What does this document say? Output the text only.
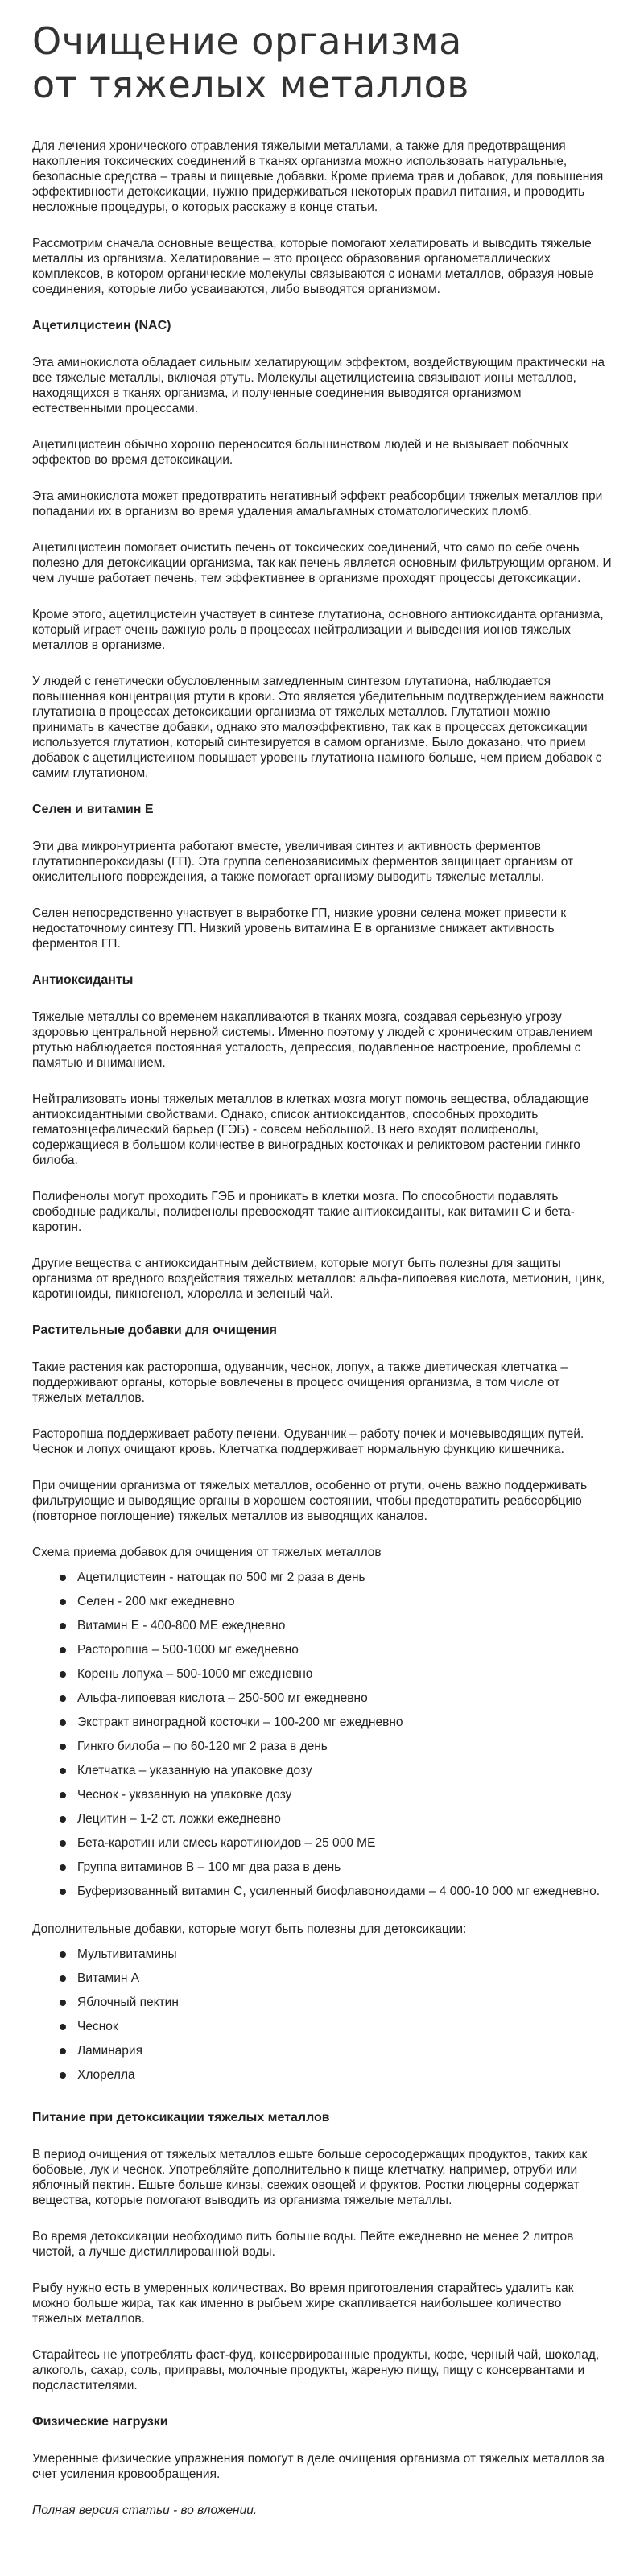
Очищение организма
от тяжелых металлов

Для лечения хронического отравления тяжелыми металлами, а также для предотвращения накопления токсических соединений в тканях организма можно использовать натуральные, безопасные средства – травы и пищевые добавки. Кроме приема трав и добавок, для повышения эффективности детоксикации, нужно придерживаться некоторых правил питания, и проводить несложные процедуры, о которых расскажу в конце статьи.

Рассмотрим сначала основные вещества, которые помогают хелатировать и выводить тяжелые металлы из организма. Хелатирование – это процесс образования органометаллических комплексов, в котором органические молекулы связываются с ионами металлов, образуя новые соединения, которые либо усваиваются, либо выводятся организмом.

Ацетилцистеин (NAC)

Эта аминокислота обладает сильным хелатирующим эффектом, воздействующим практически на все тяжелые металлы, включая ртуть. Молекулы ацетилцистеина связывают ионы металлов, находящихся в тканях организма, и полученные соединения выводятся организмом естественными процессами.

Ацетилцистеин обычно хорошо переносится большинством людей и не вызывает побочных эффектов во время детоксикации.

Эта аминокислота может предотвратить негативный эффект реабсорбции тяжелых металлов при попадании их в организм во время удаления амальгамных стоматологических пломб.

Ацетилцистеин помогает очистить печень от токсических соединений, что само по себе очень полезно для детоксикации организма, так как печень является основным фильтрующим органом. И чем лучше работает печень, тем эффективнее в организме проходят процессы детоксикации.

Кроме этого, ацетилцистеин участвует в синтезе глутатиона, основного антиоксиданта организма, который играет очень важную роль в процессах нейтрализации и выведения ионов тяжелых металлов в организме.

У людей с генетически обусловленным замедленным синтезом глутатиона, наблюдается повышенная концентрация ртути в крови. Это является убедительным подтверждением важности глутатиона в процессах детоксикации организма от тяжелых металлов. Глутатион можно принимать в качестве добавки, однако это малоэффективно, так как в процессах детоксикации используется глутатион, который синтезируется в самом организме. Было доказано, что прием добавок с ацетилцистеином повышает уровень глутатиона намного больше, чем прием добавок с самим глутатионом.

Селен и витамин Е

Эти два микронутриента работают вместе, увеличивая синтез и активность ферментов глутатионпероксидазы (ГП). Эта группа селенозависимых ферментов защищает организм от окислительного повреждения, а также помогает организму выводить тяжелые металлы.

Селен непосредственно участвует в выработке ГП, низкие уровни селена может привести к недостаточному синтезу ГП. Низкий уровень витамина Е в организме снижает активность ферментов ГП.

Антиоксиданты

Тяжелые металлы со временем накапливаются в тканях мозга, создавая серьезную угрозу здоровью центральной нервной системы. Именно поэтому у людей с хроническим отравлением ртутью наблюдается постоянная усталость, депрессия, подавленное настроение, проблемы с памятью и вниманием.

Нейтрализовать ионы тяжелых металлов в клетках мозга могут помочь вещества, обладающие антиоксидантными свойствами. Однако, список антиоксидантов, способных проходить гематоэнцефалический барьер (ГЭБ) - совсем небольшой. В него входят полифенолы, содержащиеся в большом количестве в виноградных косточках и реликтовом растении гинкго билоба.

Полифенолы могут проходить ГЭБ и проникать в клетки мозга. По способности подавлять свободные радикалы, полифенолы превосходят такие антиоксиданты, как витамин С и бета-каротин.

Другие вещества с антиоксидантным действием, которые могут быть полезны для защиты организма от вредного воздействия тяжелых металлов: альфа-липоевая кислота, метионин, цинк, каротиноиды, пикногенол, хлорелла и зеленый чай.

Растительные добавки для очищения

Такие растения как расторопша, одуванчик, чеснок, лопух, а также диетическая клетчатка – поддерживают органы, которые вовлечены в процесс очищения организма, в том числе от тяжелых металлов.

Расторопша поддерживает работу печени. Одуванчик – работу почек и мочевыводящих путей. Чеснок и лопух очищают кровь. Клетчатка поддерживает нормальную функцию кишечника.

При очищении организма от тяжелых металлов, особенно от ртути, очень важно поддерживать фильтрующие и выводящие органы в хорошем состоянии, чтобы предотвратить реабсорбцию (повторное поглощение) тяжелых металлов из выводящих каналов.

Схема приема добавок для очищения от тяжелых металлов

Ацетилцистеин - натощак по 500 мг 2 раза в день
Селен - 200 мкг ежедневно
Витамин Е - 400-800 МЕ ежедневно
Расторопша – 500-1000 мг ежедневно
Корень лопуха – 500-1000 мг ежедневно
Альфа-липоевая кислота – 250-500 мг ежедневно
Экстракт виноградной косточки – 100-200 мг ежедневно
Гинкго билоба – по 60-120 мг 2 раза в день
Клетчатка – указанную на упаковке дозу
Чеснок - указанную на упаковке дозу
Лецитин – 1-2 ст. ложки ежедневно
Бета-каротин или смесь каротиноидов – 25 000 МЕ
Группа витаминов В – 100 мг два раза в день
Буферизованный витамин С, усиленный биофлавоноидами – 4 000-10 000 мг ежедневно.

Дополнительные добавки, которые могут быть полезны для детоксикации:

Мультивитамины
Витамин А
Яблочный пектин
Чеснок
Ламинария
Хлорелла
Питание при детоксикации тяжелых металлов

В период очищения от тяжелых металлов ешьте больше серосодержащих продуктов, таких как бобовые, лук и чеснок. Употребляйте дополнительно к пище клетчатку, например, отруби или яблочный пектин. Ешьте больше кинзы, свежих овощей и фруктов. Ростки люцерны содержат вещества, которые помогают выводить из организма тяжелые металлы.

Во время детоксикации необходимо пить больше воды. Пейте ежедневно не менее 2 литров чистой, а лучше дистиллированной воды.

Рыбу нужно есть в умеренных количествах. Во время приготовления старайтесь удалить как можно больше жира, так как именно в рыбьем жире скапливается наибольшее количество тяжелых металлов.

Старайтесь не употреблять фаст-фуд, консервированные продукты, кофе, черный чай, шоколад, алкоголь, сахар, соль, приправы, молочные продукты, жареную пищу, пищу с консервантами и подсластителями.

Физические нагрузки

Умеренные физические упражнения помогут в деле очищения организма от тяжелых металлов за счет усиления кровообращения.

Полная версия статьи - во вложении.
